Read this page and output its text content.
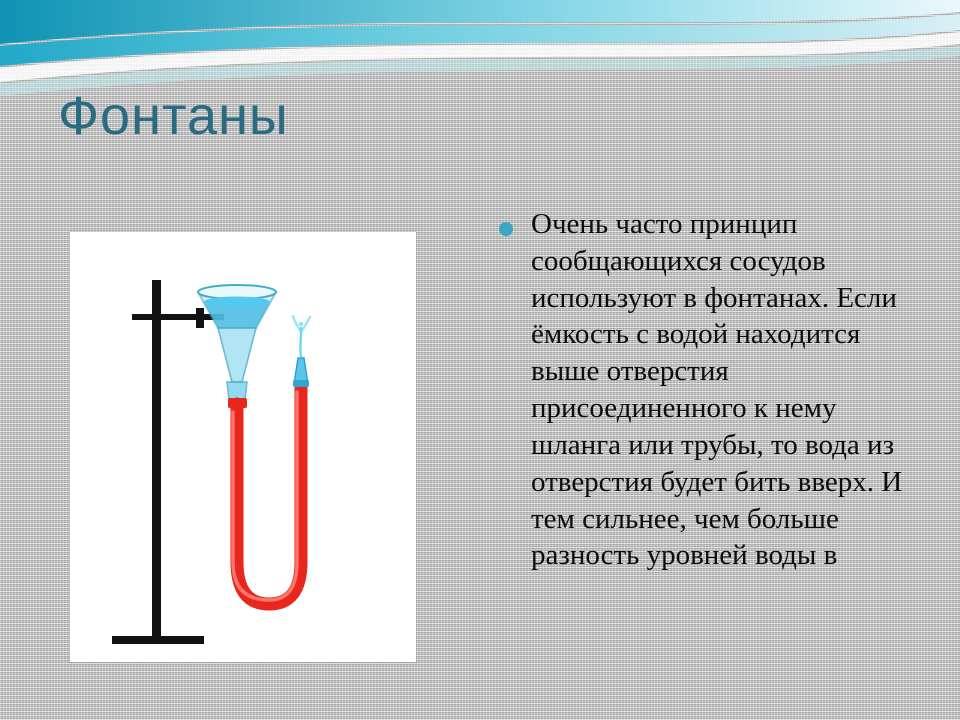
Фонтаны

Очень часто принцип сообщающихся сосудов используют в фонтанах. Если ёмкость с водой находится выше отверстия присоединенного к нему шланга или трубы, то вода из отверстия будет бить вверх. И тем сильнее, чем больше разность уровней воды в
